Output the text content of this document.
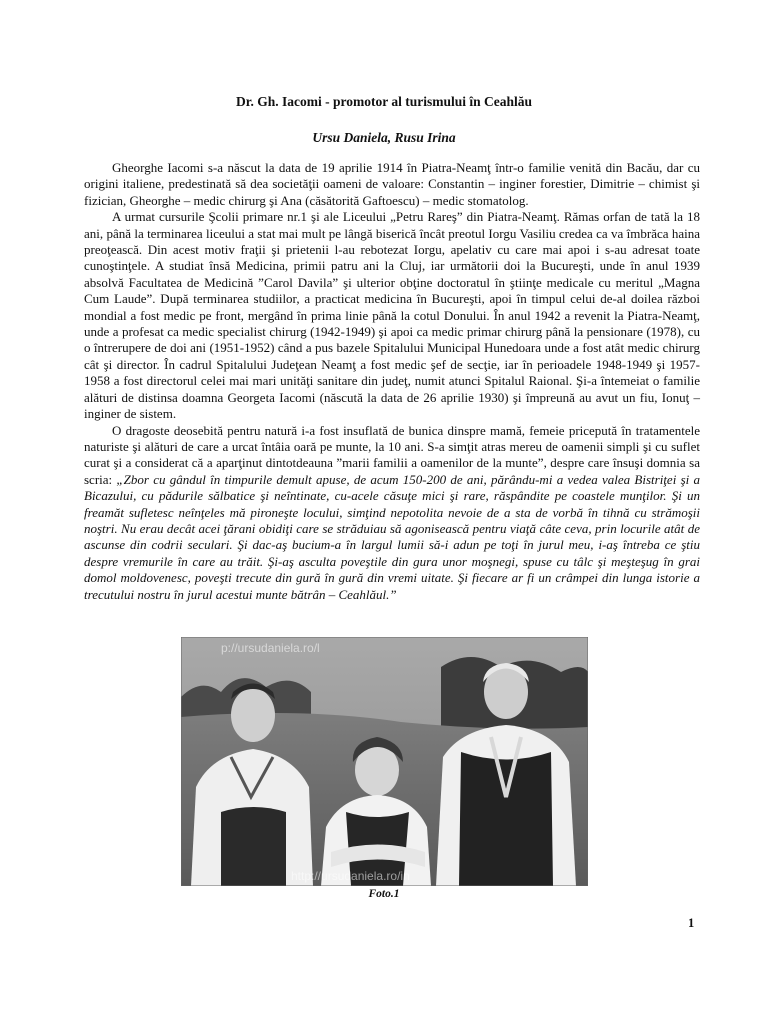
Dr. Gh. Iacomi - promotor al turismului în Ceahlău
Ursu Daniela, Rusu Irina

Gheorghe Iacomi s-a născut la data de 19 aprilie 1914 în Piatra-Neamţ într-o familie venită din Bacău, dar cu origini italiene, predestinată să dea societăţii oameni de valoare: Constantin – inginer forestier, Dimitrie – chimist şi fizician, Gheorghe – medic chirurg şi Ana (căsătorită Gaftoescu) – medic stomatolog.

A urmat cursurile Şcolii primare nr.1 şi ale Liceului „Petru Rareş” din Piatra-Neamţ. Rămas orfan de tată la 18 ani, până la terminarea liceului a stat mai mult pe lângă biserică încât preotul Iorgu Vasiliu credea ca va îmbrăca haina preoţească. Din acest motiv fraţii şi prietenii l-au rebotezat Iorgu, apelativ cu care mai apoi i s-au adresat toate cunoştinţele. A studiat însă Medicina, primii patru ani la Cluj, iar următorii doi la Bucureşti, unde în anul 1939 absolvă Facultatea de Medicină ”Carol Davila” şi ulterior obţine doctoratul în ştiinţe medicale cu meritul „Magna Cum Laude”. După terminarea studiilor, a practicat medicina în Bucureşti, apoi în timpul celui de-al doilea război mondial a fost medic pe front, mergând în prima linie până la cotul Donului. În anul 1942 a revenit la Piatra-Neamţ, unde a profesat ca medic specialist chirurg (1942-1949) şi apoi ca medic primar chirurg până la pensionare (1978), cu o întrerupere de doi ani (1951-1952) când a pus bazele Spitalului Municipal Hunedoara unde a fost atât medic chirurg cât şi director. În cadrul Spitalului Judeţean Neamţ a fost medic şef de secţie, iar în perioadele 1948-1949 şi 1957-1958 a fost directorul celei mai mari unităţi sanitare din judeţ, numit atunci Spitalul Raional. Şi-a întemeiat o familie alături de distinsa doamna Georgeta Iacomi (născută la data de 26 aprilie 1930) şi împreună au avut un fiu, Ionuţ – inginer de sistem.

O dragoste deosebită pentru natură i-a fost insuflată de bunica dinspre mamă, femeie pricepută în tratamentele naturiste şi alături de care a urcat întâia oară pe munte, la 10 ani. S-a simţit atras mereu de oamenii simpli şi cu suflet curat şi a considerat că a aparţinut dintotdeauna ”marii familii a oamenilor de la munte”, despre care însuşi domnia sa scria: „Zbor cu gândul în timpurile demult apuse, de acum 150-200 de ani, părându-mi a vedea valea Bistriţei şi a Bicazului, cu pădurile sălbatice şi neîntinate, cu-acele căsuţe mici şi rare, răspândite pe coastele munţilor. Şi un freamăt sufletesc neînţeles mă pironeşte locului, simţind nepotolita nevoie de a sta de vorbă în tihnă cu strămoşii noştri. Nu erau decât acei ţărani obidiţi care se străduiau să agonisească pentru viaţă câte ceva, prin locurile atât de ascunse din codrii seculari. Şi dac-aş bucium-a în largul lumii să-i adun pe toţi în jurul meu, i-aş întreba ce ştiu despre vremurile în care au trăit. Şi-aş asculta poveştile din gura unor moşnegi, spuse cu tâlc şi meşteşug în grai domol moldovenesc, poveşti trecute din gură în gură din vremi uitate. Şi fiecare ar fi un crâmpei din lunga istorie a trecutului nostru în jurul acestui munte bătrân – Ceahlăul.”

p://ursudaniela.ro/l
http://ursudaniela.ro/in
Foto.1
1
